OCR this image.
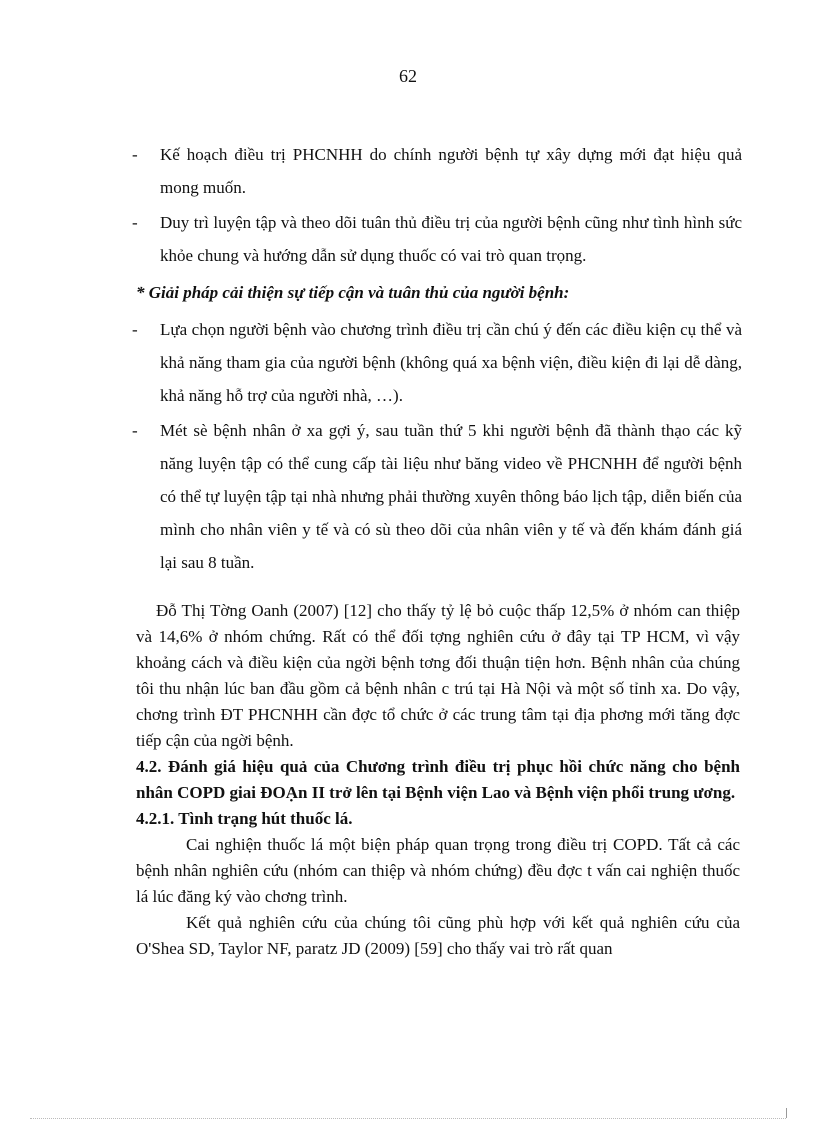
62
- Kế hoạch điều trị PHCNHH do chính người bệnh tự xây dựng mới đạt hiệu quả mong muốn.
- Duy trì luyện tập và theo dõi tuân thủ điều trị của người bệnh cũng như tình hình sức khỏe chung và hướng dẫn sử dụng thuốc có vai trò quan trọng.
* Giải pháp cải thiện sự tiếp cận và tuân thủ của người bệnh:
- Lựa chọn người bệnh vào chương trình điều trị cần chú ý đến các điều kiện cụ thể và khả năng tham gia của người bệnh (không quá xa bệnh viện, điều kiện đi lại dễ dàng, khả năng hỗ trợ của người nhà, …).
- Mét sè bệnh nhân ở xa gợi ý, sau tuần thứ 5 khi người bệnh đã thành thạo các kỹ năng luyện tập có thể cung cấp tài liệu như băng video về PHCNHH để người bệnh có thể tự luyện tập tại nhà nhưng phải thường xuyên thông báo lịch tập, diễn biến của mình cho nhân viên y tế và có sù theo dõi của nhân viên y tế và đến khám đánh giá lại sau 8 tuần.
Đỗ Thị Tờng Oanh (2007) [12] cho thấy tỷ lệ bỏ cuộc thấp 12,5% ở nhóm can thiệp và 14,6% ở nhóm chứng. Rất có thể đối tợng nghiên cứu ở đây tại TP HCM, vì vậy khoảng cách và điều kiện của ngời bệnh tơng đối thuận tiện hơn. Bệnh nhân của chúng tôi thu nhận lúc ban đầu gồm cả bệnh nhân c trú tại Hà Nội và một số tỉnh xa. Do vậy, chơng trình ĐT PHCNHH cần đợc tổ chức ở các trung tâm tại địa phơng mới tăng đợc tiếp cận của ngời bệnh.
4.2. Đánh giá hiệu quả của Chương trình điều trị phục hồi chức năng cho bệnh nhân COPD giai ĐOẠn II trở lên tại Bệnh viện Lao và Bệnh viện phổi trung ương.
4.2.1. Tình trạng hút thuốc lá.
Cai nghiện thuốc lá một biện pháp quan trọng trong điều trị COPD. Tất cả các bệnh nhân nghiên cứu (nhóm can thiệp và nhóm chứng) đều đợc t vấn cai nghiện thuốc lá lúc đăng ký vào chơng trình.
Kết quả nghiên cứu của chúng tôi cũng phù hợp với kết quả nghiên cứu của O'Shea SD, Taylor NF, paratz JD (2009) [59] cho thấy vai trò rất quan
